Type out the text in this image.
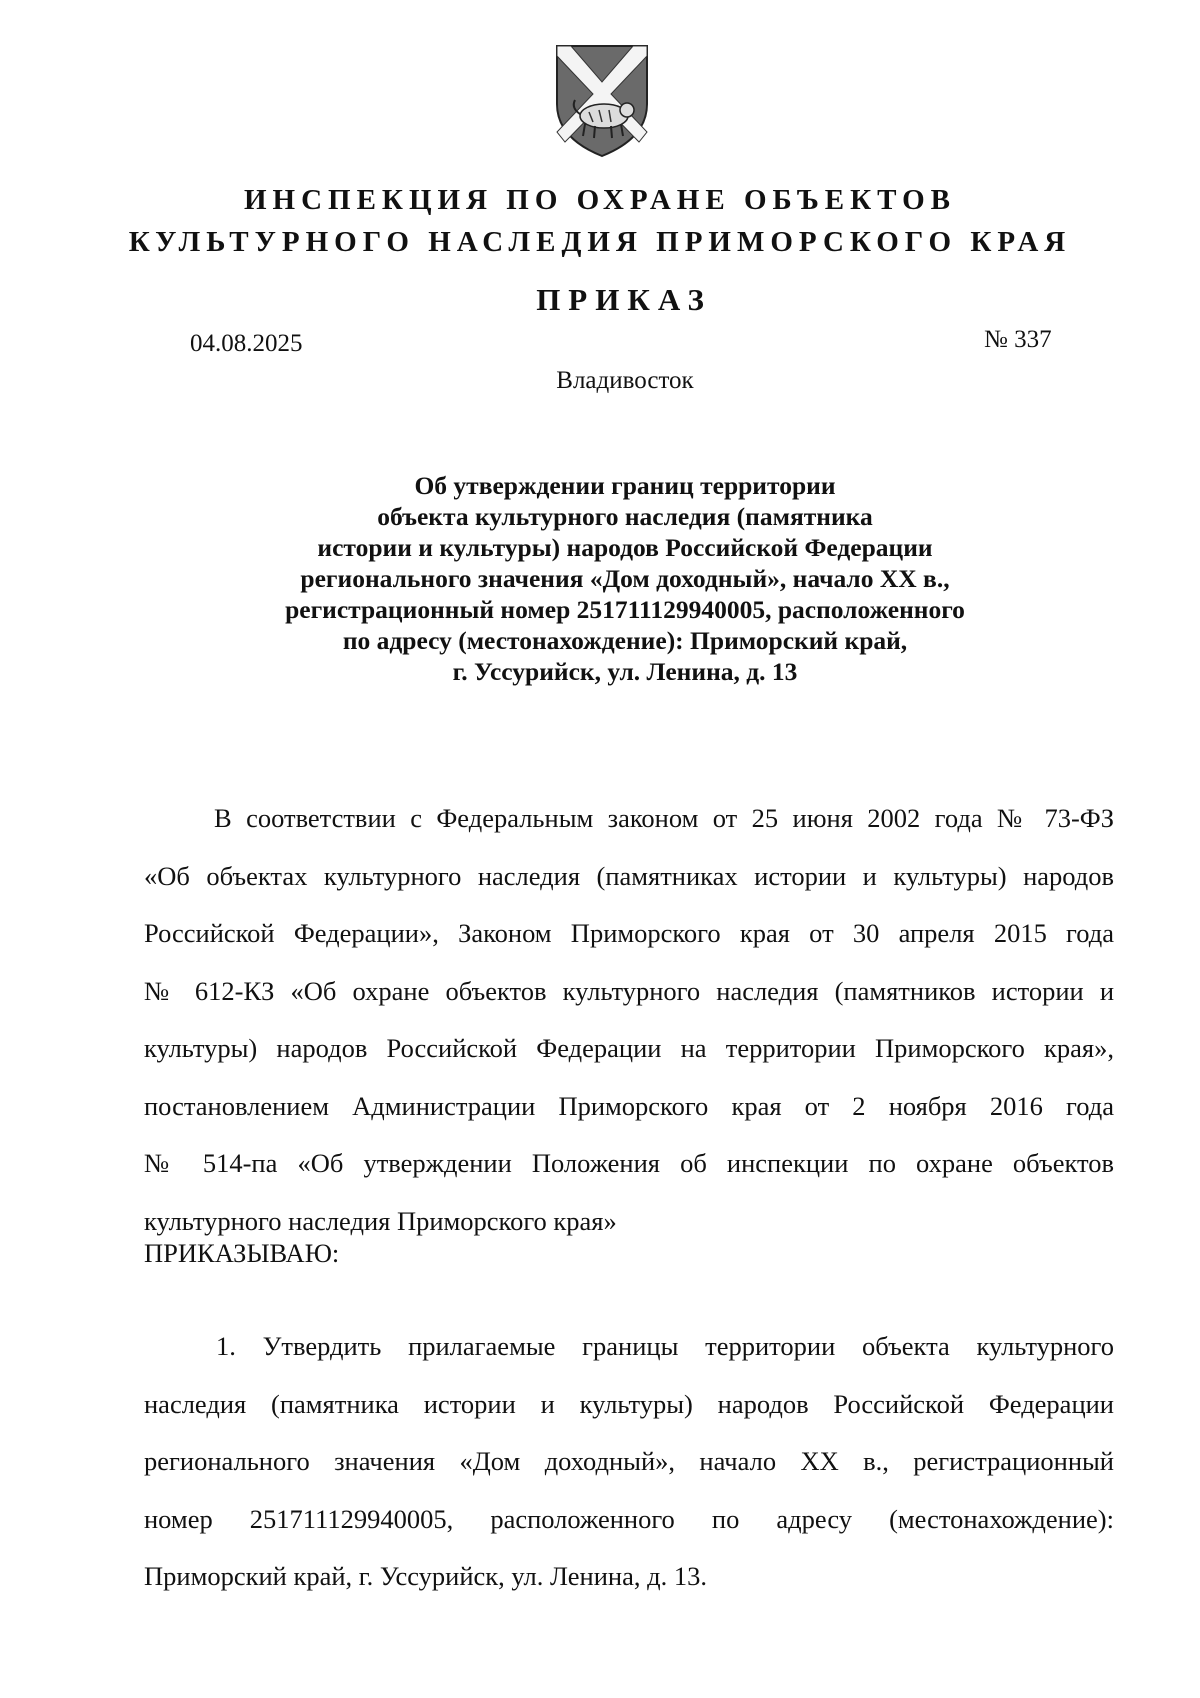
ИНСПЕКЦИЯ ПО ОХРАНЕ ОБЪЕКТОВ
КУЛЬТУРНОГО НАСЛЕДИЯ ПРИМОРСКОГО КРАЯ
ПРИКАЗ
04.08.2025	№ 337
Владивосток
Об утверждении границ территории
объекта культурного наследия (памятника
истории и культуры) народов Российской Федерации
регионального значения «Дом доходный», начало XX в.,
регистрационный номер 251711129940005, расположенного
по адресу (местонахождение): Приморский край,
г. Уссурийск, ул. Ленина, д. 13
В соответствии с Федеральным законом от 25 июня 2002 года № 73-ФЗ
«Об объектах культурного наследия (памятниках истории и культуры) народов
Российской Федерации», Законом Приморского края от 30 апреля 2015 года
№ 612-КЗ «Об охране объектов культурного наследия (памятников истории и
культуры) народов Российской Федерации на территории Приморского края»,
постановлением Администрации Приморского края от 2 ноября 2016 года
№ 514-па «Об утверждении Положения об инспекции по охране объектов
культурного наследия Приморского края»
ПРИКАЗЫВАЮ:
1. Утвердить прилагаемые границы территории объекта культурного
наследия (памятника истории и культуры) народов Российской Федерации
регионального значения «Дом доходный», начало XX в., регистрационный
номер 251711129940005, расположенного по адресу (местонахождение):
Приморский край, г. Уссурийск, ул. Ленина, д. 13.
